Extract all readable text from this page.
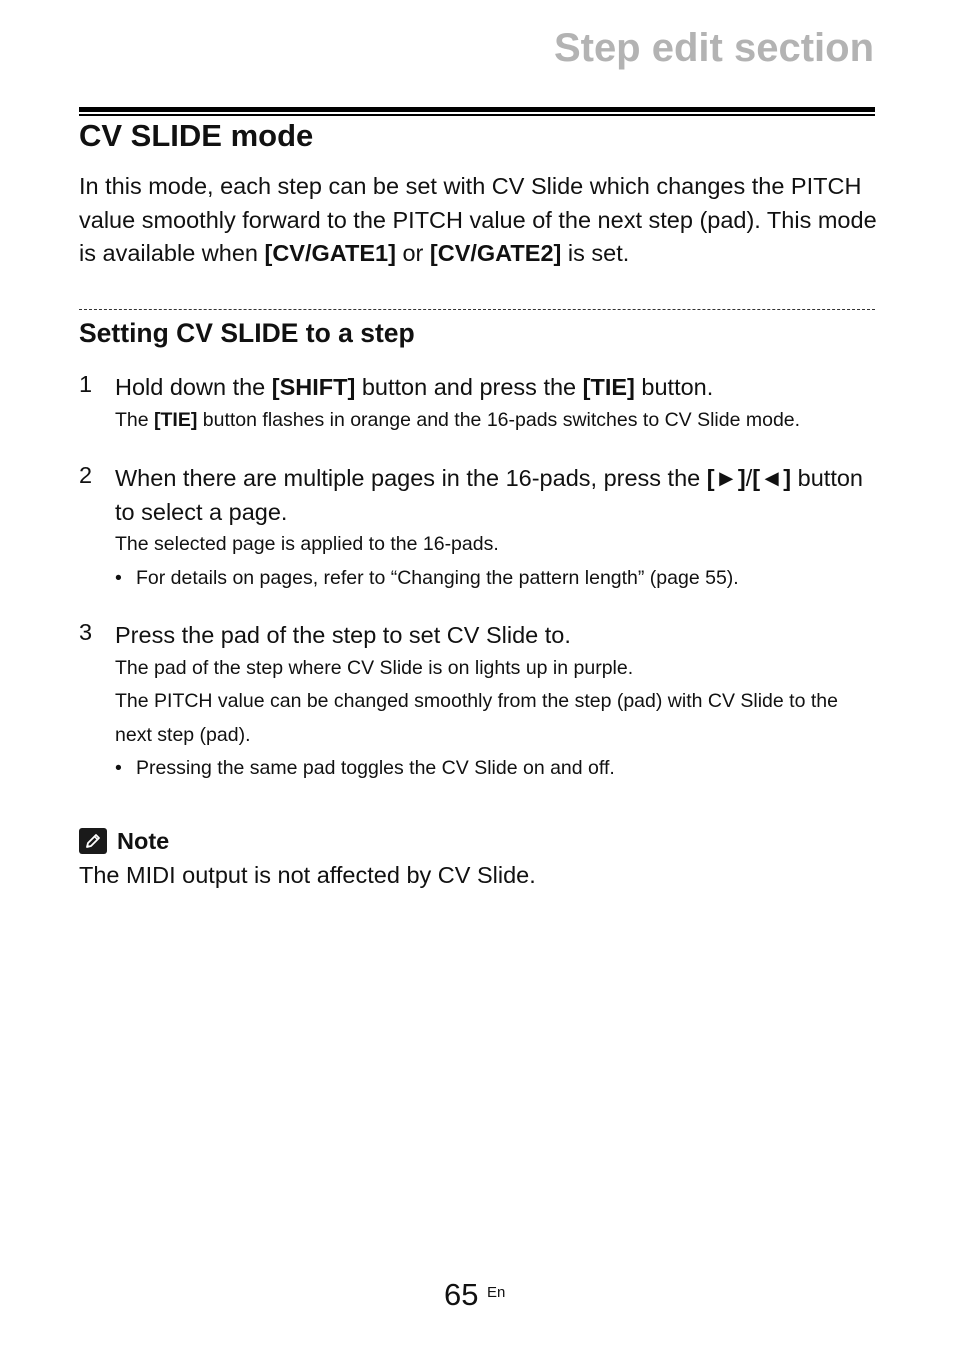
Step edit section
CV SLIDE mode
In this mode, each step can be set with CV Slide which changes the PITCH value smoothly forward to the PITCH value of the next step (pad). This mode is available when [CV/GATE1] or [CV/GATE2] is set.
Setting CV SLIDE to a step
1 Hold down the [SHIFT] button and press the [TIE] button.
The [TIE] button flashes in orange and the 16-pads switches to CV Slide mode.
2 When there are multiple pages in the 16-pads, press the [►]/[◄] button to select a page.
The selected page is applied to the 16-pads.
• For details on pages, refer to “Changing the pattern length” (page 55).
3 Press the pad of the step to set CV Slide to.
The pad of the step where CV Slide is on lights up in purple.
The PITCH value can be changed smoothly from the step (pad) with CV Slide to the next step (pad).
• Pressing the same pad toggles the CV Slide on and off.
Note
The MIDI output is not affected by CV Slide.
65 En
